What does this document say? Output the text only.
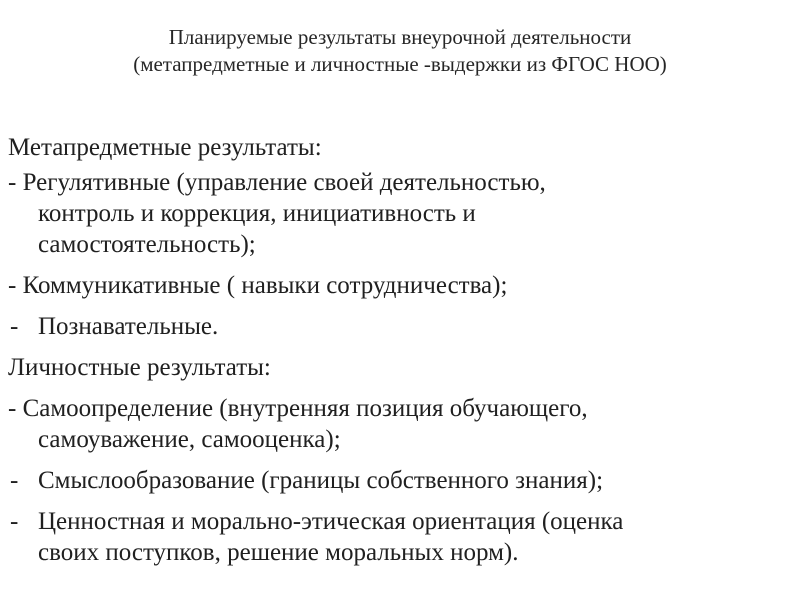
Планируемые результаты внеурочной деятельности
(метапредметные и личностные -выдержки из ФГОС НОО)

Метапредметные результаты:

- Регулятивные (управление своей деятельностью,
контроль и коррекция, инициативность и
самостоятельность);
- Коммуникативные ( навыки сотрудничества);
- Познавательные.

Личностные результаты:

- Самоопределение (внутренняя позиция обучающего,
самоуважение, самооценка);
- Смыслообразование (границы собственного знания);
- Ценностная и морально-этическая ориентация (оценка
своих поступков, решение моральных норм).
